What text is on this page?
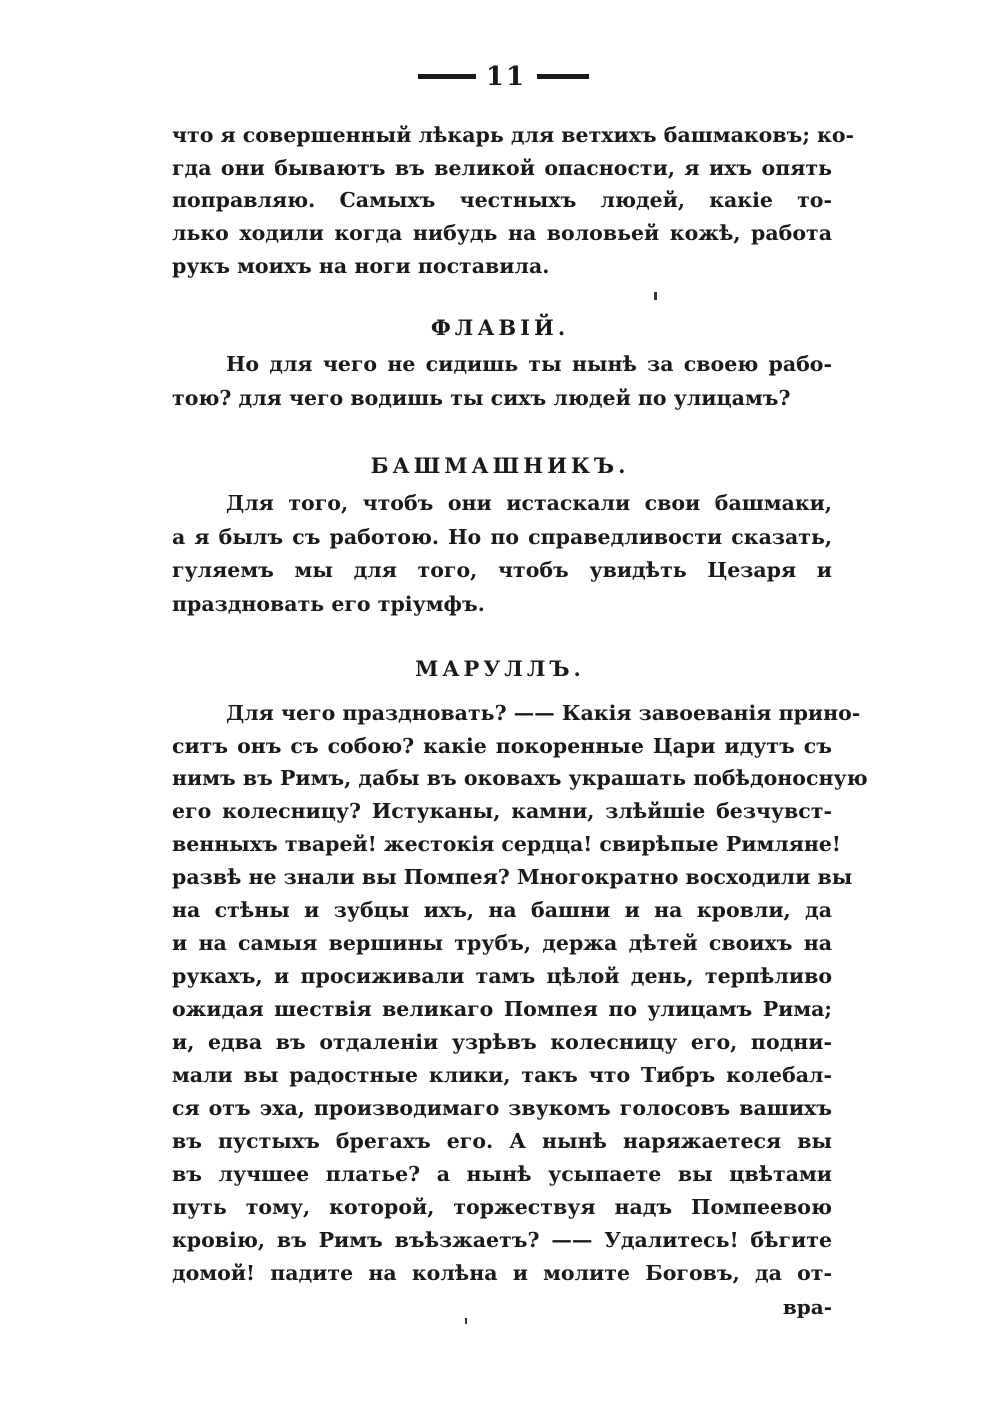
11
что я совершенный лѣкарь для ветхихъ башмаковъ; ко-
гда они бываютъ въ великой опасности, я ихъ опять
поправляю. Самыхъ честныхъ людей, какіе то-
лько ходили когда нибудь на воловьей кожѣ, работа
рукъ моихъ на ноги поставила.
ФЛАВІЙ.
Но для чего не сидишь ты нынѣ за своею рабо-
тою? для чего водишь ты сихъ людей по улицамъ?
БАШМАШНИКЪ.
Для того, чтобъ они истаскали свои башмаки,
а я былъ съ работою. Но по справедливости сказать,
гуляемъ мы для того, чтобъ увидѣть Цезаря и
праздновать его тріумфъ.
МАРУЛЛЪ.
Для чего праздновать? —— Какія завоеванія прино-
ситъ онъ съ собою? какіе покоренные Цари идутъ съ
нимъ въ Римъ, дабы въ оковахъ украшать побѣдоносную
его колесницу? Истуканы, камни, злѣйшіе безчувст-
венныхъ тварей! жестокія сердца! свирѣпые Римляне!
развѣ не знали вы Помпея? Многократно восходили вы
на стѣны и зубцы ихъ, на башни и на кровли, да
и на самыя вершины трубъ, держа дѣтей своихъ на
рукахъ, и просиживали тамъ цѣлой день, терпѣливо
ожидая шествія великаго Помпея по улицамъ Рима;
и, едва въ отдаленіи узрѣвъ колесницу его, подни-
мали вы радостные клики, такъ что Тибръ колебал-
ся отъ эха, производимаго звукомъ голосовъ вашихъ
въ пустыхъ брегахъ его. А нынѣ наряжаетеся вы
въ лучшее платье? а нынѣ усыпаете вы цвѣтами
путь тому, которой, торжествуя надъ Помпеевою
кровію, въ Римъ въѣзжаетъ? —— Удалитесь! бѣгите
домой! падите на колѣна и молите Боговъ, да от-
вра-
